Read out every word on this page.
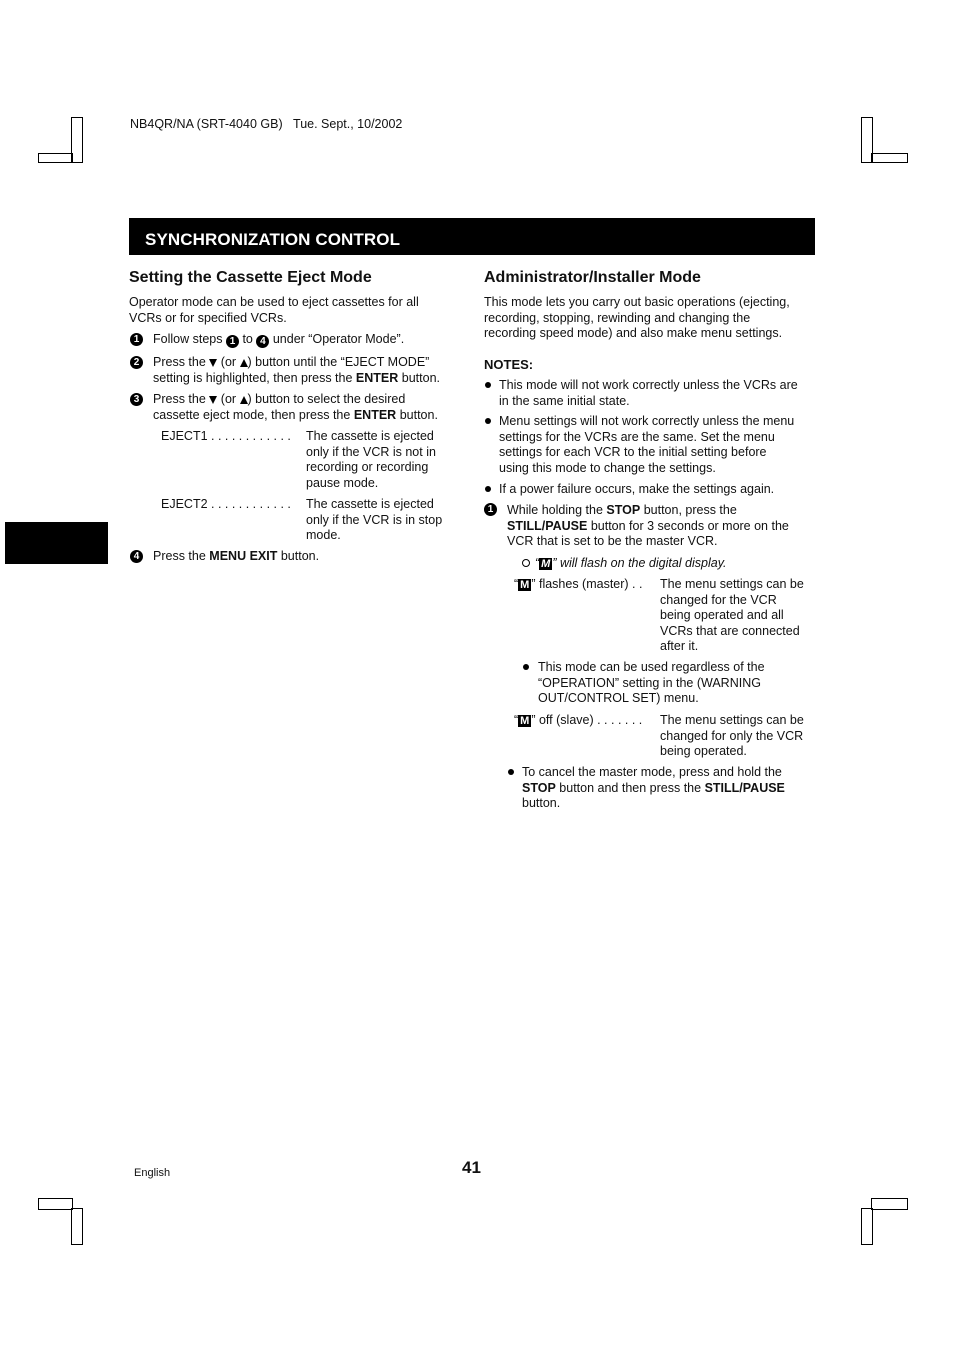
NB4QR/NA (SRT-4040 GB) Tue. Sept., 10/2002
SYNCHRONIZATION CONTROL
Setting the Cassette Eject Mode

Operator mode can be used to eject cassettes for all
VCRs or for specified VCRs.

1 Follow steps 1 to 4 under “Operator Mode”.

2 Press the (or ) button until the “EJECT MODE”
setting is highlighted, then press the ENTER button.

3 Press the (or ) button to select the desired
cassette eject mode, then press the ENTER button.

EJECT1 . . . . . . . . . . . . The cassette is ejected
only if the VCR is not in
recording or recording
pause mode.

EJECT2 . . . . . . . . . . . . The cassette is ejected
only if the VCR is in stop
mode.

4 Press the MENU EXIT button.

Administrator/Installer Mode

This mode lets you carry out basic operations (ejecting,
recording, stopping, rewinding and changing the
recording speed mode) and also make menu settings.

NOTES:

This mode will not work correctly unless the VCRs are
in the same initial state.

Menu settings will not work correctly unless the menu
settings for the VCRs are the same. Set the menu
settings for each VCR to the initial setting before
using this mode to change the settings.

If a power failure occurs, make the settings again.

1 While holding the STOP button, press the
STILL/PAUSE button for 3 seconds or more on the
VCR that is set to be the master VCR.

“ M ” will flash on the digital display.

“ M ” flashes (master) . . The menu settings can be
changed for the VCR
being operated and all
VCRs that are connected
after it.

This mode can be used regardless of the
“OPERATION” setting in the (WARNING
OUT/CONTROL SET) menu.

“ M ” off (slave) . . . . . . . The menu settings can be
changed for only the VCR
being operated.

To cancel the master mode, press and hold the
STOP button and then press the STILL/PAUSE
button.

English	41
